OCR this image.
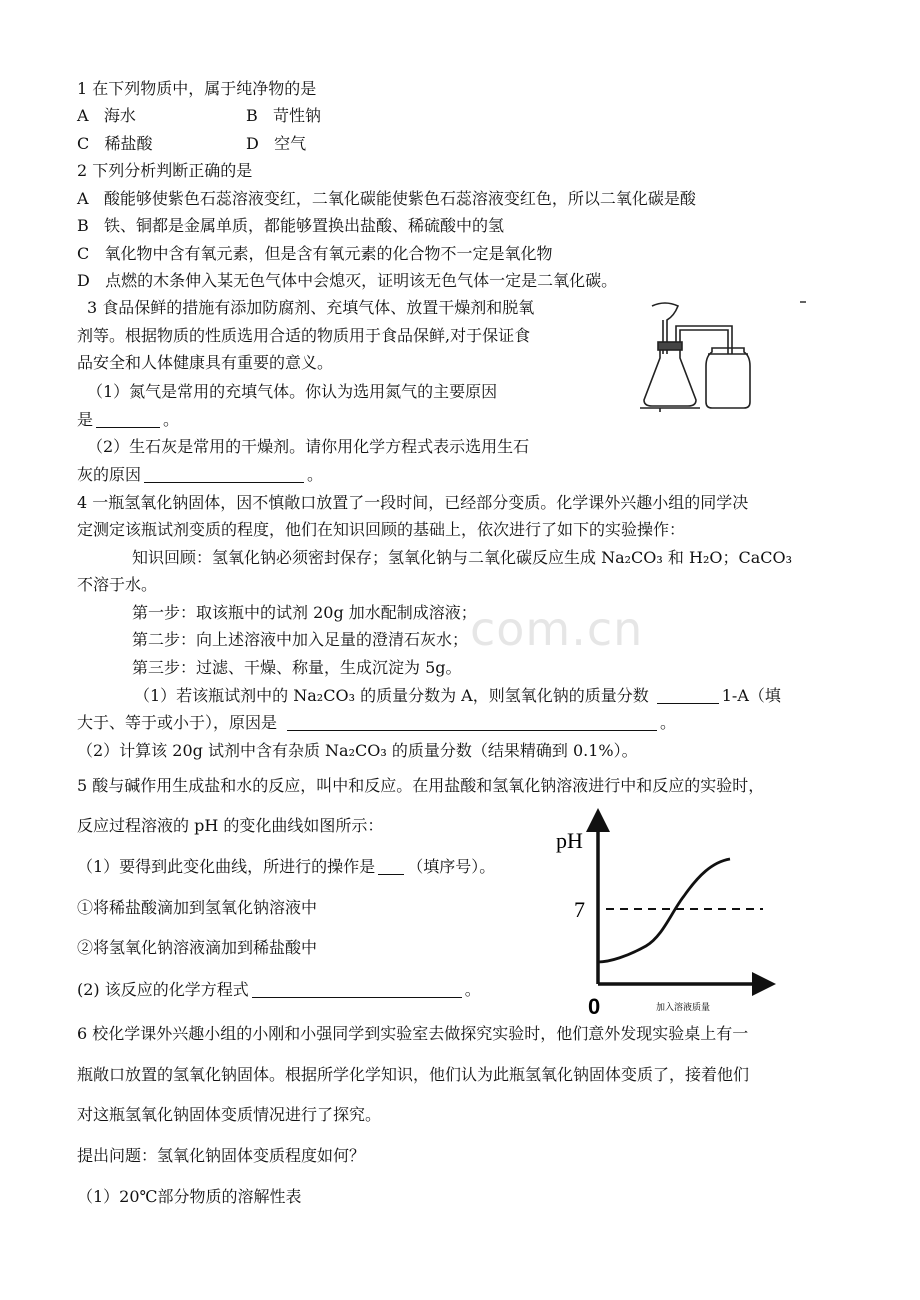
com.cn
1 在下列物质中，属于纯净物的是
A 海水	B 苛性钠
C 稀盐酸	D 空气
2 下列分析判断正确的是
A 酸能够使紫色石蕊溶液变红，二氧化碳能使紫色石蕊溶液变红色，所以二氧化碳是酸
B 铁、铜都是金属单质，都能够置换出盐酸、稀硫酸中的氢
C 氧化物中含有氧元素，但是含有氧元素的化合物不一定是氧化物
D 点燃的木条伸入某无色气体中会熄灭，证明该无色气体一定是二氧化碳。
3 食品保鲜的措施有添加防腐剂、充填气体、放置干燥剂和脱氧
剂等。根据物质的性质选用合适的物质用于食品保鲜,对于保证食
品安全和人体健康具有重要的意义。
（1）氮气是常用的充填气体。你认为选用氮气的主要原因
是	。
（2）生石灰是常用的干燥剂。请你用化学方程式表示选用生石
灰的原因	。
4 一瓶氢氧化钠固体，因不慎敞口放置了一段时间，已经部分变质。化学课外兴趣小组的同学决
定测定该瓶试剂变质的程度，他们在知识回顾的基础上，依次进行了如下的实验操作：
知识回顾：氢氧化钠必须密封保存；氢氧化钠与二氧化碳反应生成 Na₂CO₃ 和 H₂O；CaCO₃
不溶于水。
第一步：取该瓶中的试剂 20g 加水配制成溶液；
第二步：向上述溶液中加入足量的澄清石灰水；
第三步：过滤、干燥、称量，生成沉淀为 5g。
（1）若该瓶试剂中的 Na₂CO₃ 的质量分数为 A，则氢氧化钠的质量分数	1-A（填
大于、等于或小于），原因是	。
（2）计算该 20g 试剂中含有杂质 Na₂CO₃ 的质量分数（结果精确到 0.1%）。
5 酸与碱作用生成盐和水的反应，叫中和反应。在用盐酸和氢氧化钠溶液进行中和反应的实验时，
反应过程溶液的 pH 的变化曲线如图所示：
（1）要得到此变化曲线，所进行的操作是 （填序号）。
①将稀盐酸滴加到氢氧化钠溶液中
②将氢氧化钠溶液滴加到稀盐酸中
(2) 该反应的化学方程式	。
pH
7
0	加入溶液质量
6 校化学课外兴趣小组的小刚和小强同学到实验室去做探究实验时，他们意外发现实验桌上有一
瓶敞口放置的氢氧化钠固体。根据所学化学知识，他们认为此瓶氢氧化钠固体变质了，接着他们
对这瓶氢氧化钠固体变质情况进行了探究。
提出问题：氢氧化钠固体变质程度如何？
（1）20℃部分物质的溶解性表
